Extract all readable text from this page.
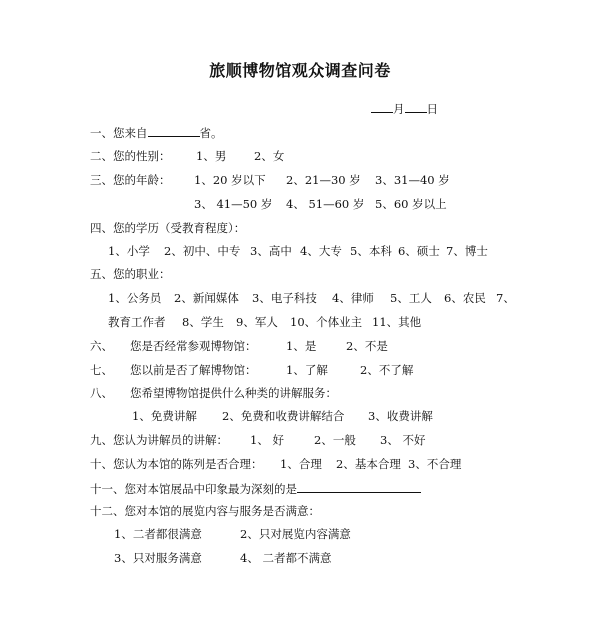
旅顺博物馆观众调查问卷
月 日
一、您来自	省。
二、您的性别： 1、男 2、女
三、您的年龄： 1、20 岁以下 2、21—30 岁 3、31—40 岁
3、 41—50 岁 4、 51—60 岁 5、60 岁以上
四、您的学历（受教育程度）：
1、小学 2、初中、中专 3、高中 4、大专 5、本科 6、硕士 7、博士
五、您的职业：
1、公务员 2、新闻媒体 3、电子科技 4、律师 5、工人 6、农民 7、
教育工作者 8、学生 9、军人 10、个体业主 11、其他
六、 您是否经常参观博物馆：	1、是	2、不是
七、 您以前是否了解博物馆：	1、了解	2、不了解
八、 您希望博物馆提供什么种类的讲解服务：
1、免费讲解 2、免费和收费讲解结合 3、收费讲解
九、您认为讲解员的讲解： 1、 好	2、一般 3、 不好
十、您认为本馆的陈列是否合理： 1、合理 2、基本合理 3、不合理
十一、您对本馆展品中印象最为深刻的是
十二、您对本馆的展览内容与服务是否满意：
1、二者都很满意	2、只对展览内容满意
3、只对服务满意	4、 二者都不满意
